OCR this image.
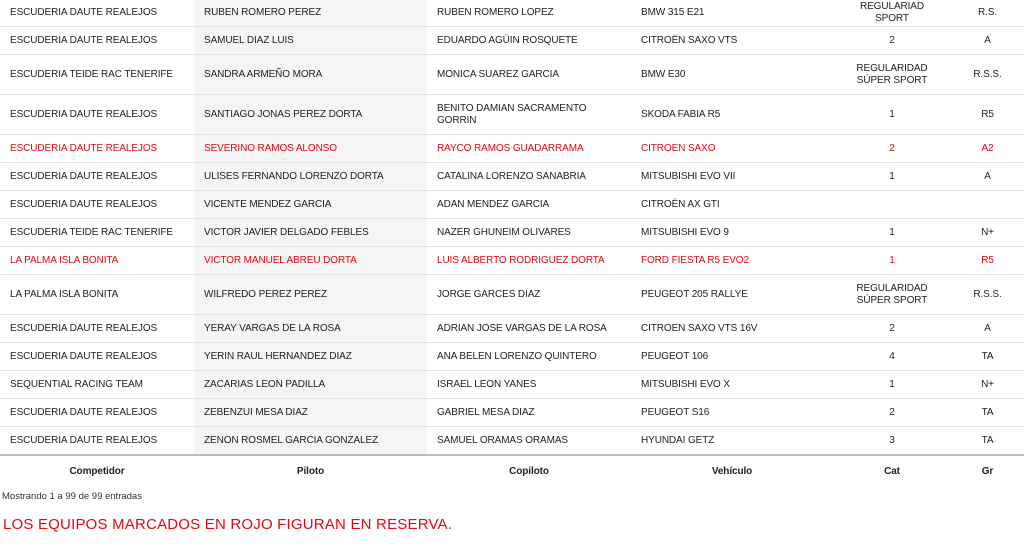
ESCUDERIA DAUTE REALEJOS	RUBEN ROMERO PEREZ	RUBEN ROMERO LOPEZ	BMW 315 E21	REGULARIAD SPORT	R.S.
ESCUDERIA DAUTE REALEJOS	SAMUEL DIAZ LUIS	EDUARDO AGÜIN ROSQUETE	CITROËN SAXO VTS	2	A
ESCUDERIA TEIDE RAC TENERIFE	SANDRA ARMEÑO MORA	MONICA SUAREZ GARCIA	BMW E30	REGULARIDAD SÚPER SPORT	R.S.S.
ESCUDERIA DAUTE REALEJOS	SANTIAGO JONAS PEREZ DORTA	BENITO DAMIAN SACRAMENTO GORRIN	SKODA FABIA R5	1	R5
ESCUDERIA DAUTE REALEJOS	SEVERINO RAMOS ALONSO	RAYCO RAMOS GUADARRAMA	CITROEN SAXO	2	A2
ESCUDERIA DAUTE REALEJOS	ULISES FERNANDO LORENZO DORTA	CATALINA LORENZO SANABRIA	MITSUBISHI EVO VII	1	A
ESCUDERIA DAUTE REALEJOS	VICENTE MENDEZ GARCIA	ADAN MENDEZ GARCIA	CITROËN AX GTI		
ESCUDERIA TEIDE RAC TENERIFE	VICTOR JAVIER DELGADO FEBLES	NAZER GHUNEIM OLIVARES	MITSUBISHI EVO 9	1	N+
LA PALMA ISLA BONITA	VICTOR MANUEL ABREU DORTA	LUIS ALBERTO RODRIGUEZ DORTA	FORD FIESTA R5 EVO2	1	R5
LA PALMA ISLA BONITA	WILFREDO PEREZ PEREZ	JORGE GARCES DIAZ	PEUGEOT 205 RALLYE	REGULARIDAD SÚPER SPORT	R.S.S.
ESCUDERIA DAUTE REALEJOS	YERAY VARGAS DE LA ROSA	ADRIAN JOSE VARGAS DE LA ROSA	CITROEN SAXO VTS 16V	2	A
ESCUDERIA DAUTE REALEJOS	YERIN RAUL HERNANDEZ DIAZ	ANA BELEN LORENZO QUINTERO	PEUGEOT 106	4	TA
SEQUENTIAL RACING TEAM	ZACARIAS LEON PADILLA	ISRAEL LEON YANES	MITSUBISHI EVO X	1	N+
ESCUDERIA DAUTE REALEJOS	ZEBENZUI MESA DIAZ	GABRIEL MESA DIAZ	PEUGEOT S16	2	TA
ESCUDERIA DAUTE REALEJOS	ZENON ROSMEL GARCIA GONZALEZ	SAMUEL ORAMAS ORAMAS	HYUNDAI GETZ	3	TA
Competidor	Piloto	Copiloto	Vehículo	Cat	Gr
Mostrando 1 a 99 de 99 entradas
LOS EQUIPOS MARCADOS EN ROJO FIGURAN EN RESERVA.
